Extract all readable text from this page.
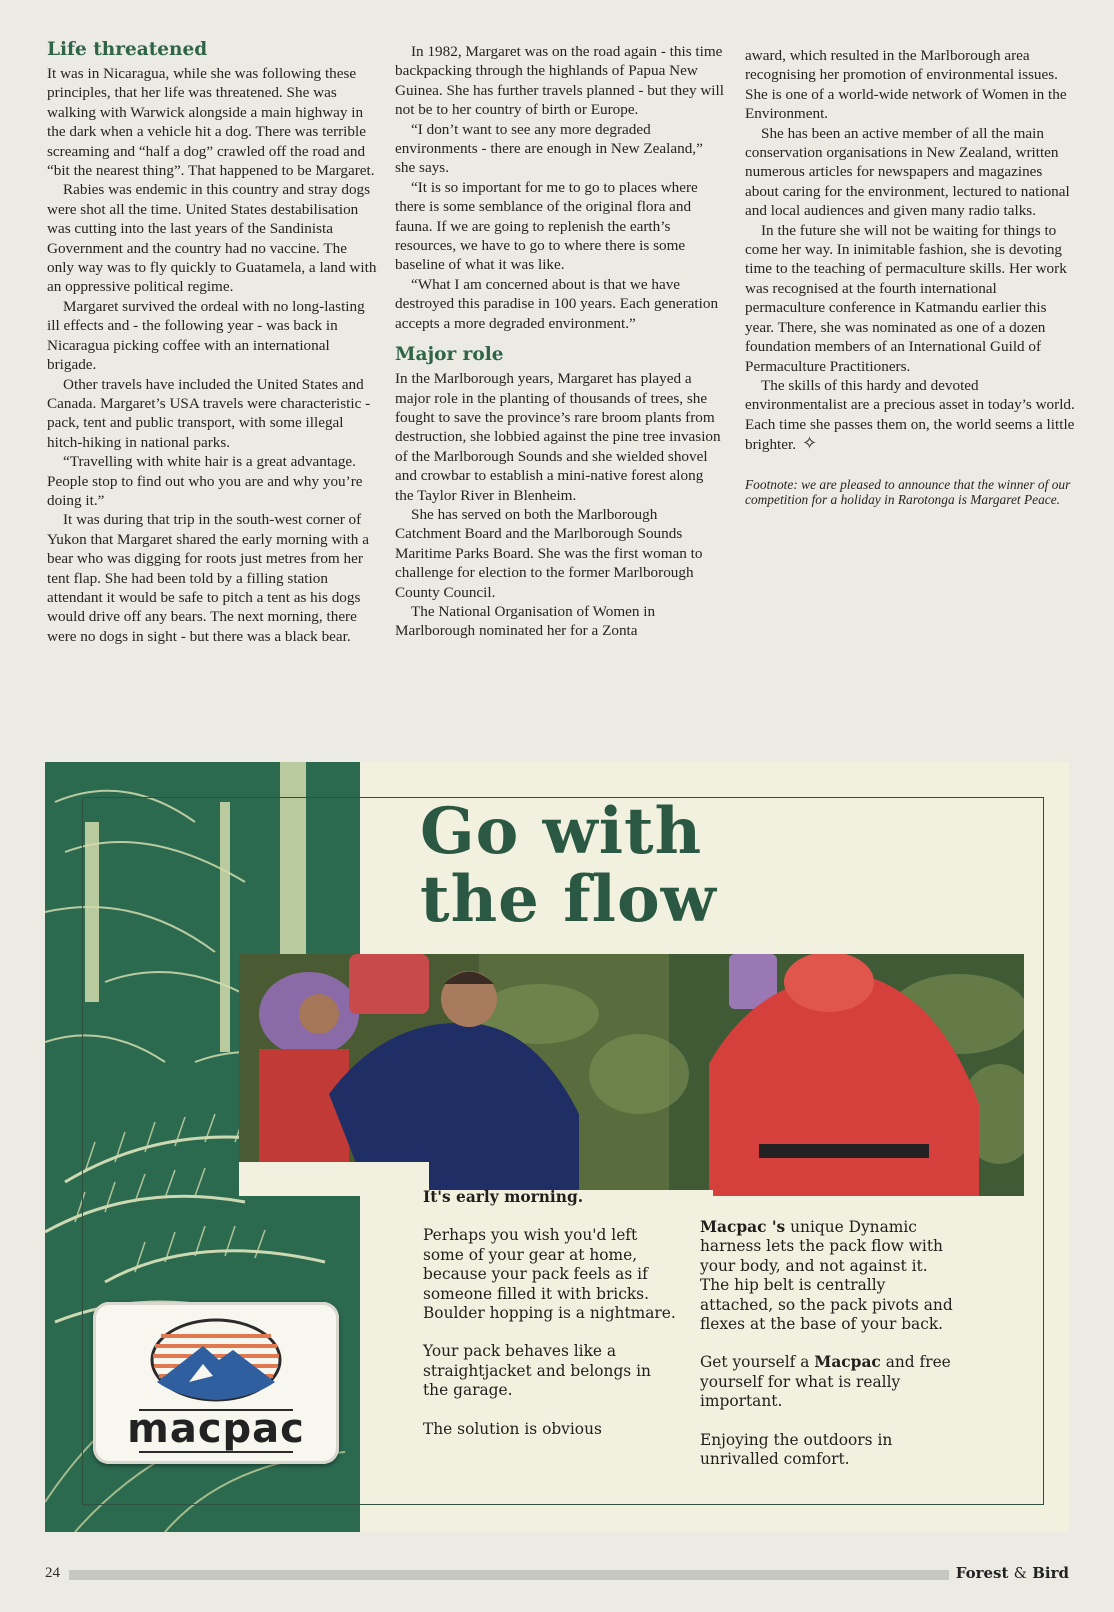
Life threatened

It was in Nicaragua, while she was following these principles, that her life was threatened. She was walking with Warwick alongside a main highway in the dark when a vehicle hit a dog. There was terrible screaming and “half a dog” crawled off the road and “bit the nearest thing”. That happened to be Margaret.

Rabies was endemic in this country and stray dogs were shot all the time. United States destabilisation was cutting into the last years of the Sandinista Government and the country had no vaccine. The only way was to fly quickly to Guatamela, a land with an oppressive political regime.

Margaret survived the ordeal with no long-lasting ill effects and - the following year - was back in Nicaragua picking coffee with an international brigade.

Other travels have included the United States and Canada. Margaret’s USA travels were characteristic - pack, tent and public transport, with some illegal hitch-hiking in national parks.

“Travelling with white hair is a great advantage. People stop to find out who you are and why you’re doing it.”

It was during that trip in the south-west corner of Yukon that Margaret shared the early morning with a bear who was digging for roots just metres from her tent flap. She had been told by a filling station attendant it would be safe to pitch a tent as his dogs would drive off any bears. The next morning, there were no dogs in sight - but there was a black bear.

In 1982, Margaret was on the road again - this time backpacking through the highlands of Papua New Guinea. She has further travels planned - but they will not be to her country of birth or Europe.

“I don’t want to see any more degraded environments - there are enough in New Zealand,” she says.

“It is so important for me to go to places where there is some semblance of the original flora and fauna. If we are going to replenish the earth’s resources, we have to go to where there is some baseline of what it was like.

“What I am concerned about is that we have destroyed this paradise in 100 years. Each generation accepts a more degraded environment.”

Major role

In the Marlborough years, Margaret has played a major role in the planting of thousands of trees, she fought to save the province’s rare broom plants from destruction, she lobbied against the pine tree invasion of the Marlborough Sounds and she wielded shovel and crowbar to establish a mini-native forest along the Taylor River in Blenheim.

She has served on both the Marlborough Catchment Board and the Marlborough Sounds Maritime Parks Board. She was the first woman to challenge for election to the former Marlborough County Council.

The National Organisation of Women in Marlborough nominated her for a Zonta

award, which resulted in the Marlborough area recognising her promotion of environmental issues. She is one of a world-wide network of Women in the Environment.

She has been an active member of all the main conservation organisations in New Zealand, written numerous articles for newspapers and magazines about caring for the environment, lectured to national and local audiences and given many radio talks.

In the future she will not be waiting for things to come her way. In inimitable fashion, she is devoting time to the teaching of permaculture skills. Her work was recognised at the fourth international permaculture conference in Katmandu earlier this year. There, she was nominated as one of a dozen foundation members of an International Guild of Permaculture Practitioners.

The skills of this hardy and devoted environmentalist are a precious asset in today’s world. Each time she passes them on, the world seems a little brighter. ✧

Footnote: we are pleased to announce that the winner of our competition for a holiday in Rarotonga is Margaret Peace.

Go with
the flow

It's early morning.

Perhaps you wish you'd left some of your gear at home, because your pack feels as if someone filled it with bricks. Boulder hopping is a nightmare.

Your pack behaves like a straightjacket and belongs in the garage.

The solution is obvious

Macpac 's unique Dynamic harness lets the pack flow with your body, and not against it. The hip belt is centrally attached, so the pack pivots and flexes at the base of your back.

Get yourself a Macpac and free yourself for what is really important.

Enjoying the outdoors in unrivalled comfort.

macpac
24	Forest & Bird
